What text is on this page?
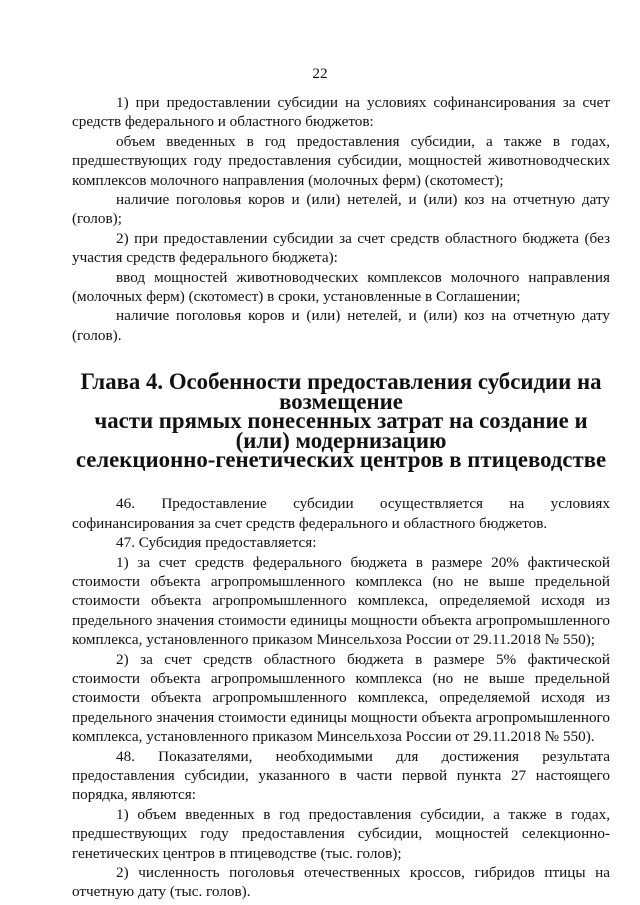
22

1) при предоставлении субсидии на условиях софинансирования за счет средств федерального и областного бюджетов:

объем введенных в год предоставления субсидии, а также в годах, предшествующих году предоставления субсидии, мощностей животноводческих комплексов молочного направления (молочных ферм) (скотомест);

наличие поголовья коров и (или) нетелей, и (или) коз на отчетную дату (голов);

2) при предоставлении субсидии за счет средств областного бюджета (без участия средств федерального бюджета):

ввод мощностей животноводческих комплексов молочного направления (молочных ферм) (скотомест) в сроки, установленные в Соглашении;

наличие поголовья коров и (или) нетелей, и (или) коз на отчетную дату (голов).

Глава 4. Особенности предоставления субсидии на возмещение
части прямых понесенных затрат на создание и (или) модернизацию
селекционно-генетических центров в птицеводстве

46. Предоставление субсидии осуществляется на условиях софинансирования за счет средств федерального и областного бюджетов.

47. Субсидия предоставляется:

1) за счет средств федерального бюджета в размере 20% фактической стоимости объекта агропромышленного комплекса (но не выше предельной стоимости объекта агропромышленного комплекса, определяемой исходя из предельного значения стоимости единицы мощности объекта агропромышленного комплекса, установленного приказом Минсельхоза России от 29.11.2018 № 550);

2) за счет средств областного бюджета в размере 5% фактической стоимости объекта агропромышленного комплекса (но не выше предельной стоимости объекта агропромышленного комплекса, определяемой исходя из предельного значения стоимости единицы мощности объекта агропромышленного комплекса, установленного приказом Минсельхоза России от 29.11.2018 № 550).

48. Показателями, необходимыми для достижения результата предоставления субсидии, указанного в части первой пункта 27 настоящего порядка, являются:

1) объем введенных в год предоставления субсидии, а также в годах, предшествующих году предоставления субсидии, мощностей селекционно-генетических центров в птицеводстве (тыс. голов);

2) численность поголовья отечественных кроссов, гибридов птицы на отчетную дату (тыс. голов).
